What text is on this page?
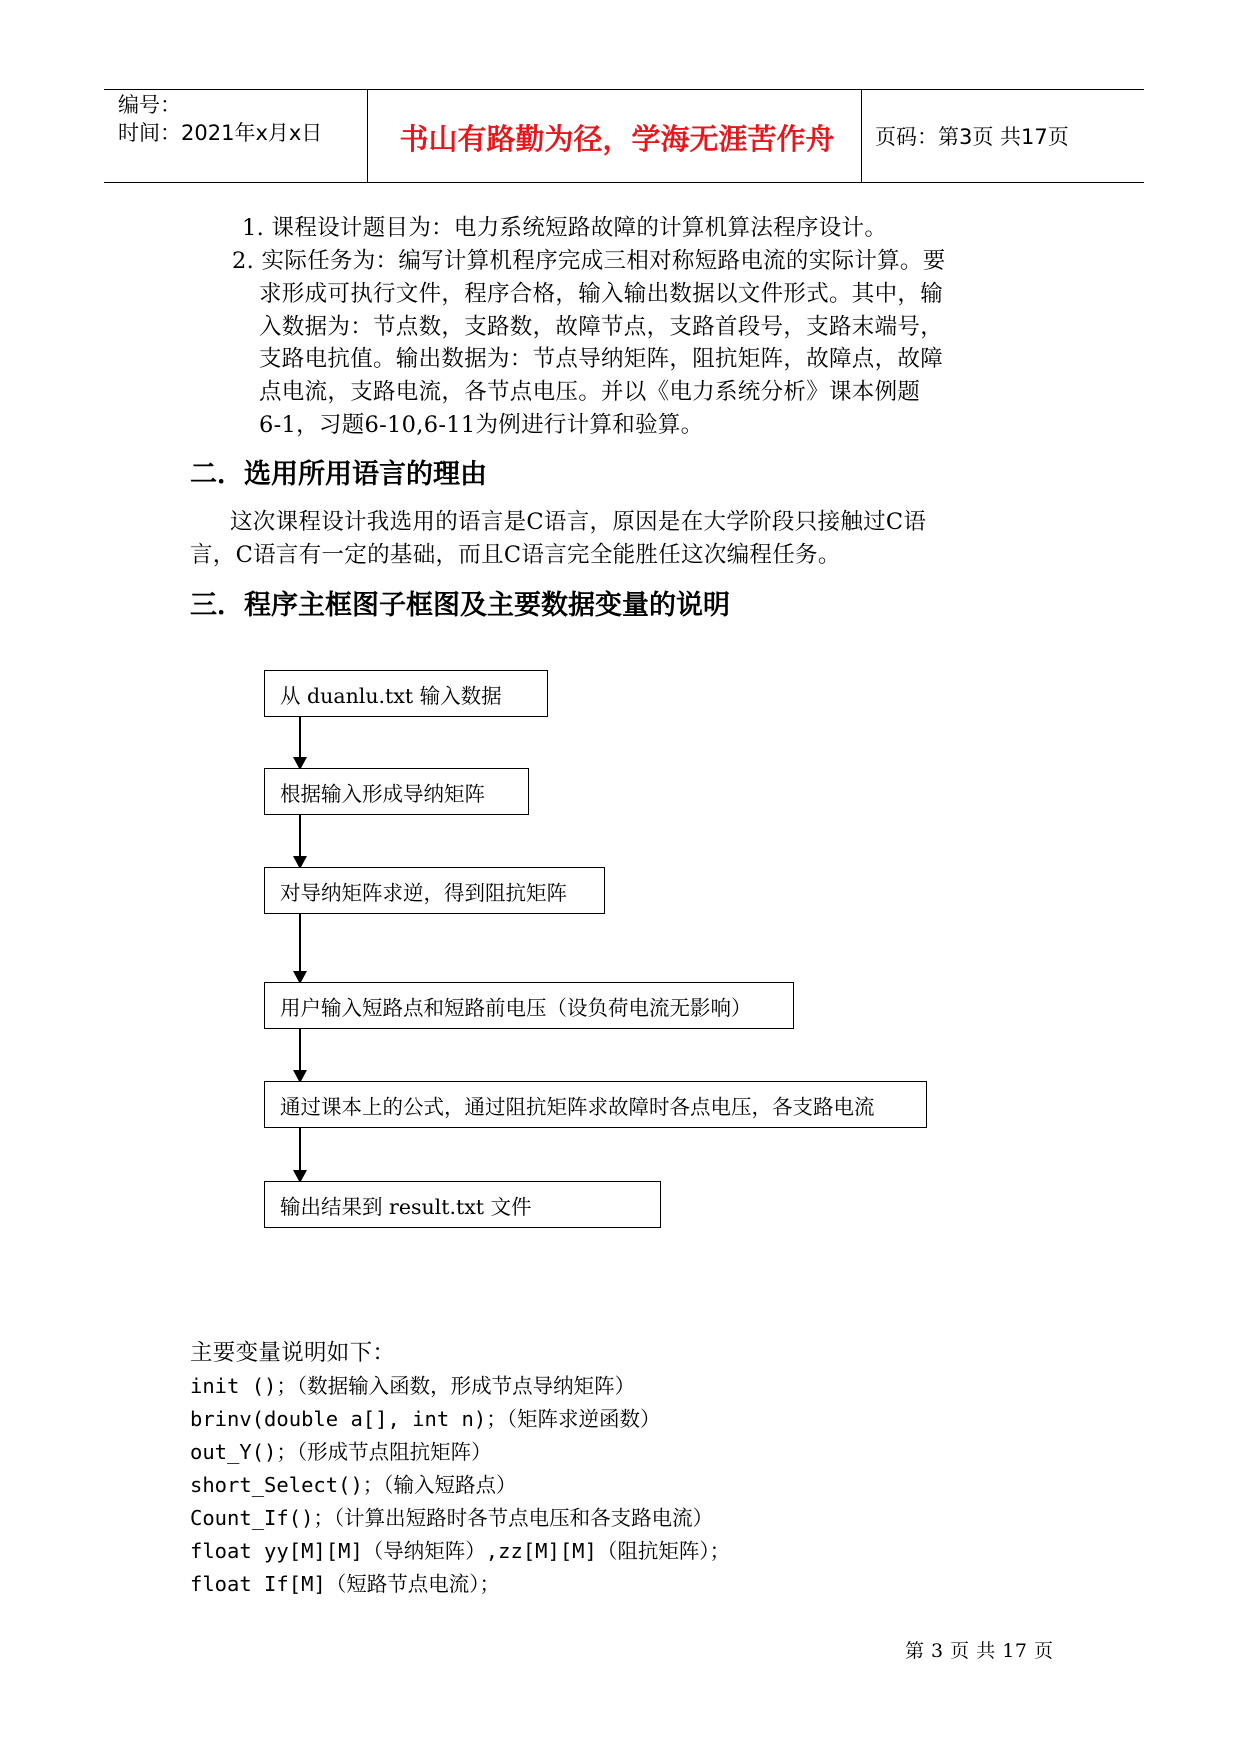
编号：
时间：2021年x月x日	书山有路勤为径，学海无涯苦作舟	页码：第3页 共17页
1. 课程设计题目为：电力系统短路故障的计算机算法程序设计。
2. 实际任务为：编写计算机程序完成三相对称短路电流的实际计算。要
求形成可执行文件，程序合格，输入输出数据以文件形式。其中，输
入数据为：节点数，支路数，故障节点，支路首段号，支路末端号，
支路电抗值。输出数据为：节点导纳矩阵，阻抗矩阵，故障点，故障
点电流，支路电流，各节点电压。并以《电力系统分析》课本例题
6-1，习题6-10,6-11为例进行计算和验算。
二．选用所用语言的理由
这次课程设计我选用的语言是C语言，原因是在大学阶段只接触过C语
言，C语言有一定的基础，而且C语言完全能胜任这次编程任务。
三．程序主框图子框图及主要数据变量的说明
从 duanlu.txt 输入数据
根据输入形成导纳矩阵
对导纳矩阵求逆，得到阻抗矩阵
用户输入短路点和短路前电压（设负荷电流无影响）
通过课本上的公式，通过阻抗矩阵求故障时各点电压，各支路电流
输出结果到 result.txt 文件
主要变量说明如下：
init ()；（数据输入函数，形成节点导纳矩阵）
brinv(double a[], int n)；（矩阵求逆函数）
out_Y()；（形成节点阻抗矩阵）
short_Select()；（输入短路点）
Count_If()；（计算出短路时各节点电压和各支路电流）
float yy[M][M]（导纳矩阵）,zz[M][M]（阻抗矩阵）；
float If[M]（短路节点电流）；
第 3 页 共 17 页
